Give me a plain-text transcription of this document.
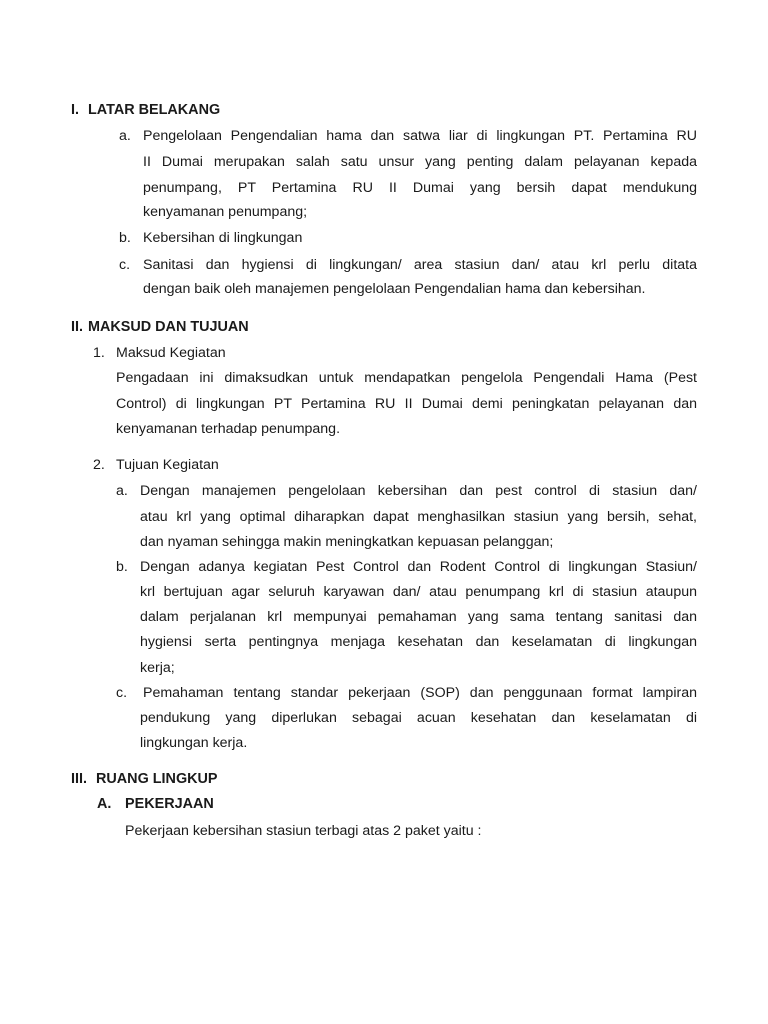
I. LATAR BELAKANG
a. Pengelolaan Pengendalian hama dan satwa liar di lingkungan PT. Pertamina RU
II Dumai merupakan salah satu unsur yang penting dalam pelayanan kepada
penumpang, PT Pertamina RU II Dumai yang bersih dapat mendukung
kenyamanan penumpang;
b. Kebersihan di lingkungan
c. Sanitasi dan hygiensi di lingkungan/ area stasiun dan/ atau krl perlu ditata
dengan baik oleh manajemen pengelolaan Pengendalian hama dan kebersihan.
II. MAKSUD DAN TUJUAN
1. Maksud Kegiatan
Pengadaan ini dimaksudkan untuk mendapatkan pengelola Pengendali Hama (Pest
Control) di lingkungan PT Pertamina RU II Dumai demi peningkatan pelayanan dan
kenyamanan terhadap penumpang.
2. Tujuan Kegiatan
a. Dengan manajemen pengelolaan kebersihan dan pest control di stasiun dan/
atau krl yang optimal diharapkan dapat menghasilkan stasiun yang bersih, sehat,
dan nyaman sehingga makin meningkatkan kepuasan pelanggan;
b. Dengan adanya kegiatan Pest Control dan Rodent Control di lingkungan Stasiun/
krl bertujuan agar seluruh karyawan dan/ atau penumpang krl di stasiun ataupun
dalam perjalanan krl mempunyai pemahaman yang sama tentang sanitasi dan
hygiensi serta pentingnya menjaga kesehatan dan keselamatan di lingkungan
kerja;
c. Pemahaman tentang standar pekerjaan (SOP) dan penggunaan format lampiran
pendukung yang diperlukan sebagai acuan kesehatan dan keselamatan di
lingkungan kerja.
III. RUANG LINGKUP
A. PEKERJAAN
Pekerjaan kebersihan stasiun terbagi atas 2 paket yaitu :
